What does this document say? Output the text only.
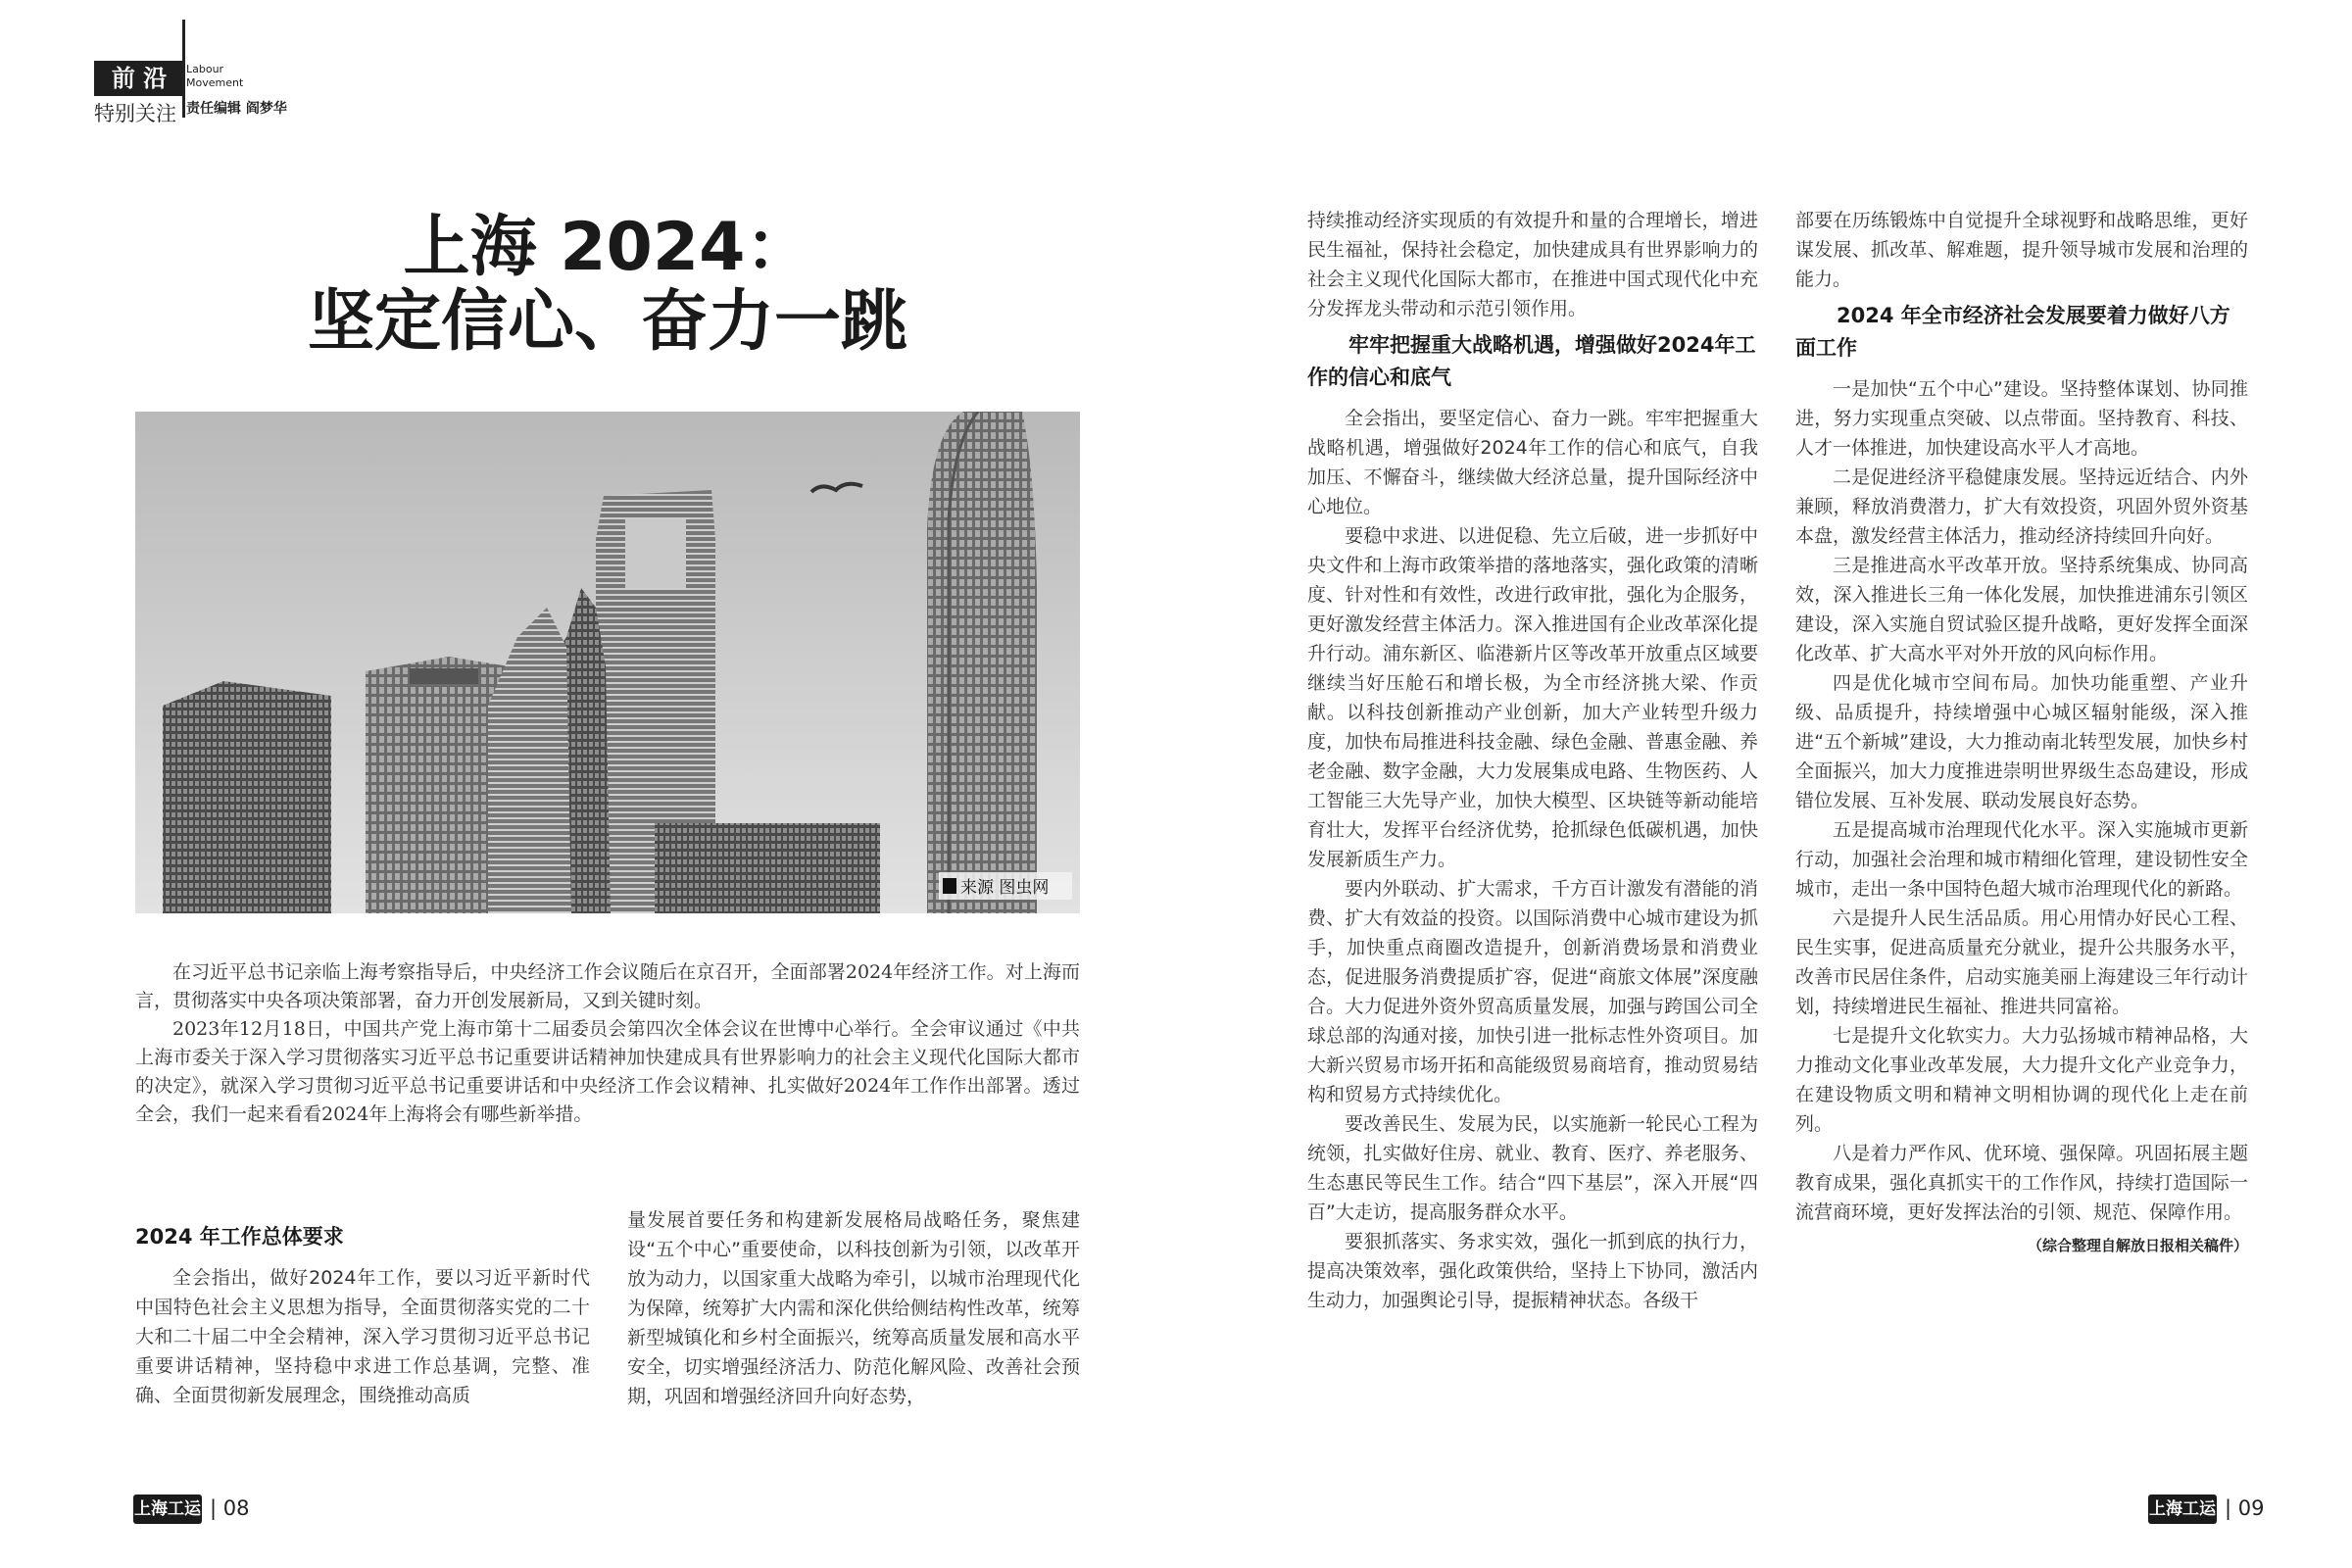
前 沿
特别关注
Labour
Movement
责任编辑 阎梦华
上海 2024：
坚定信心、奋力一跳
来源 图虫网

在习近平总书记亲临上海考察指导后，中央经济工作会议随后在京召开，全面部署2024年经济工作。对上海而言，贯彻落实中央各项决策部署，奋力开创发展新局，又到关键时刻。

2023年12月18日，中国共产党上海市第十二届委员会第四次全体会议在世博中心举行。全会审议通过《中共上海市委关于深入学习贯彻落实习近平总书记重要讲话精神加快建成具有世界影响力的社会主义现代化国际大都市的决定》，就深入学习贯彻习近平总书记重要讲话和中央经济工作会议精神、扎实做好2024年工作作出部署。透过全会，我们一起来看看2024年上海将会有哪些新举措。

2024 年工作总体要求

全会指出，做好2024年工作，要以习近平新时代中国特色社会主义思想为指导，全面贯彻落实党的二十大和二十届二中全会精神，深入学习贯彻习近平总书记重要讲话精神，坚持稳中求进工作总基调，完整、准确、全面贯彻新发展理念，围绕推动高质

量发展首要任务和构建新发展格局战略任务，聚焦建设“五个中心”重要使命，以科技创新为引领，以改革开放为动力，以国家重大战略为牵引，以城市治理现代化为保障，统筹扩大内需和深化供给侧结构性改革，统筹新型城镇化和乡村全面振兴，统筹高质量发展和高水平安全，切实增强经济活力、防范化解风险、改善社会预期，巩固和增强经济回升向好态势，

持续推动经济实现质的有效提升和量的合理增长，增进民生福祉，保持社会稳定，加快建成具有世界影响力的社会主义现代化国际大都市，在推进中国式现代化中充分发挥龙头带动和示范引领作用。

牢牢把握重大战略机遇，增强做好2024年工作的信心和底气

全会指出，要坚定信心、奋力一跳。牢牢把握重大战略机遇，增强做好2024年工作的信心和底气，自我加压、不懈奋斗，继续做大经济总量，提升国际经济中心地位。

要稳中求进、以进促稳、先立后破，进一步抓好中央文件和上海市政策举措的落地落实，强化政策的清晰度、针对性和有效性，改进行政审批，强化为企服务，更好激发经营主体活力。深入推进国有企业改革深化提升行动。浦东新区、临港新片区等改革开放重点区域要继续当好压舱石和增长极，为全市经济挑大梁、作贡献。以科技创新推动产业创新，加大产业转型升级力度，加快布局推进科技金融、绿色金融、普惠金融、养老金融、数字金融，大力发展集成电路、生物医药、人工智能三大先导产业，加快大模型、区块链等新动能培育壮大，发挥平台经济优势，抢抓绿色低碳机遇，加快发展新质生产力。

要内外联动、扩大需求，千方百计激发有潜能的消费、扩大有效益的投资。以国际消费中心城市建设为抓手，加快重点商圈改造提升，创新消费场景和消费业态，促进服务消费提质扩容，促进“商旅文体展”深度融合。大力促进外资外贸高质量发展，加强与跨国公司全球总部的沟通对接，加快引进一批标志性外资项目。加大新兴贸易市场开拓和高能级贸易商培育，推动贸易结构和贸易方式持续优化。

要改善民生、发展为民，以实施新一轮民心工程为统领，扎实做好住房、就业、教育、医疗、养老服务、生态惠民等民生工作。结合“四下基层”，深入开展“四百”大走访，提高服务群众水平。

要狠抓落实、务求实效，强化一抓到底的执行力，提高决策效率，强化政策供给，坚持上下协同，激活内生动力，加强舆论引导，提振精神状态。各级干

部要在历练锻炼中自觉提升全球视野和战略思维，更好谋发展、抓改革、解难题，提升领导城市发展和治理的能力。

2024 年全市经济社会发展要着力做好八方面工作

一是加快“五个中心”建设。坚持整体谋划、协同推进，努力实现重点突破、以点带面。坚持教育、科技、人才一体推进，加快建设高水平人才高地。

二是促进经济平稳健康发展。坚持远近结合、内外兼顾，释放消费潜力，扩大有效投资，巩固外贸外资基本盘，激发经营主体活力，推动经济持续回升向好。

三是推进高水平改革开放。坚持系统集成、协同高效，深入推进长三角一体化发展，加快推进浦东引领区建设，深入实施自贸试验区提升战略，更好发挥全面深化改革、扩大高水平对外开放的风向标作用。

四是优化城市空间布局。加快功能重塑、产业升级、品质提升，持续增强中心城区辐射能级，深入推进“五个新城”建设，大力推动南北转型发展，加快乡村全面振兴，加大力度推进崇明世界级生态岛建设，形成错位发展、互补发展、联动发展良好态势。

五是提高城市治理现代化水平。深入实施城市更新行动，加强社会治理和城市精细化管理，建设韧性安全城市，走出一条中国特色超大城市治理现代化的新路。

六是提升人民生活品质。用心用情办好民心工程、民生实事，促进高质量充分就业，提升公共服务水平，改善市民居住条件，启动实施美丽上海建设三年行动计划，持续增进民生福祉、推进共同富裕。

七是提升文化软实力。大力弘扬城市精神品格，大力推动文化事业改革发展，大力提升文化产业竞争力，在建设物质文明和精神文明相协调的现代化上走在前列。

八是着力严作风、优环境、强保障。巩固拓展主题教育成果，强化真抓实干的工作作风，持续打造国际一流营商环境，更好发挥法治的引领、规范、保障作用。

（综合整理自解放日报相关稿件）
上海工运 | 08	上海工运 | 09
